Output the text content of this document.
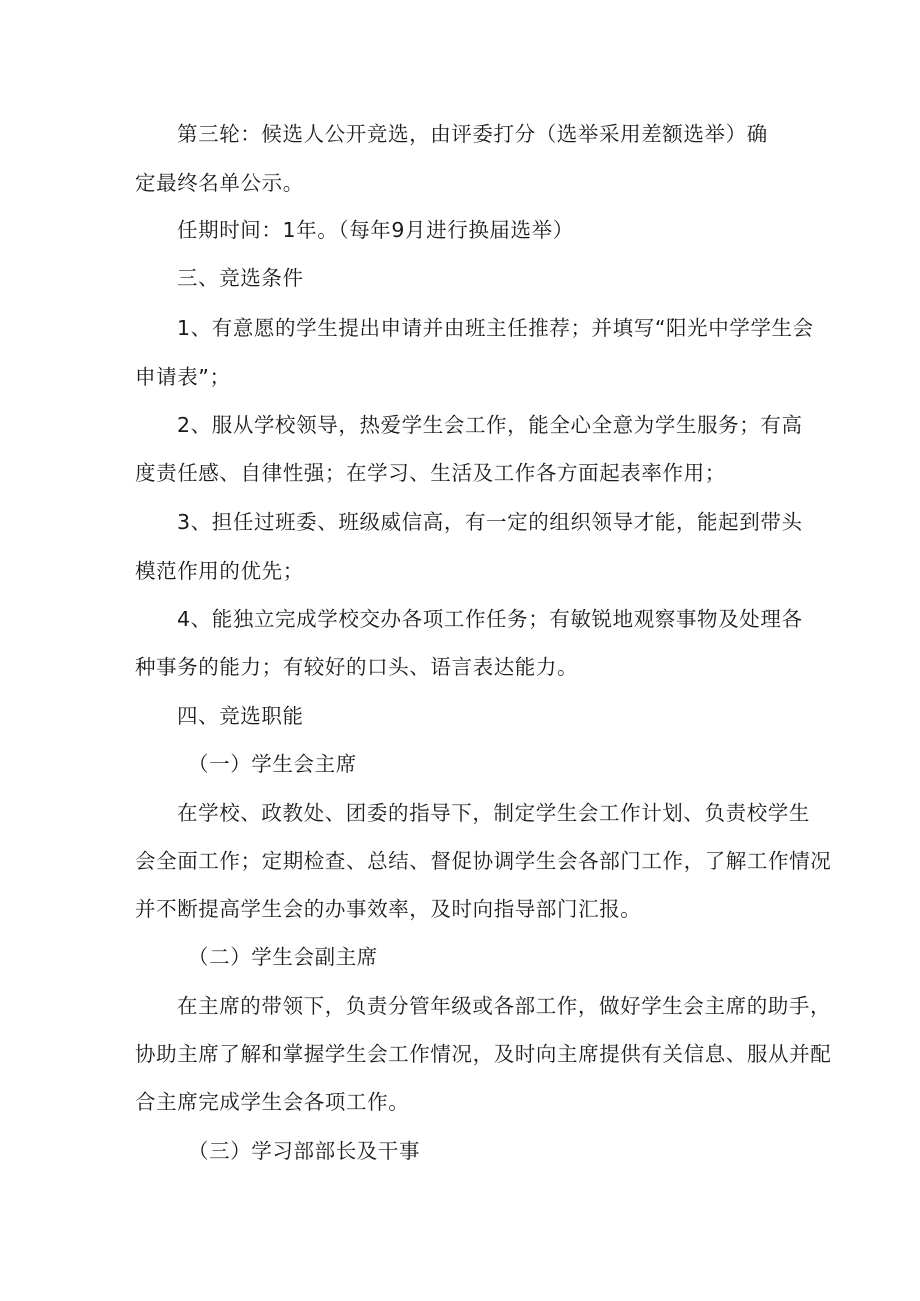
第三轮：候选人公开竞选，由评委打分（选举采用差额选举）确
定最终名单公示。
任期时间：1年。（每年9月进行换届选举）
三、竞选条件
1、有意愿的学生提出申请并由班主任推荐；并填写“阳光中学学生会
申请表”；
2、服从学校领导，热爱学生会工作，能全心全意为学生服务；有高
度责任感、自律性强；在学习、生活及工作各方面起表率作用；
3、担任过班委、班级威信高，有一定的组织领导才能，能起到带头
模范作用的优先；
4、能独立完成学校交办各项工作任务；有敏锐地观察事物及处理各
种事务的能力；有较好的口头、语言表达能力。
四、竞选职能
（一）学生会主席
在学校、政教处、团委的指导下，制定学生会工作计划、负责校学生
会全面工作；定期检查、总结、督促协调学生会各部门工作，了解工作情况
并不断提高学生会的办事效率，及时向指导部门汇报。
（二）学生会副主席
在主席的带领下，负责分管年级或各部工作，做好学生会主席的助手，
协助主席了解和掌握学生会工作情况，及时向主席提供有关信息、服从并配
合主席完成学生会各项工作。
（三）学习部部长及干事
